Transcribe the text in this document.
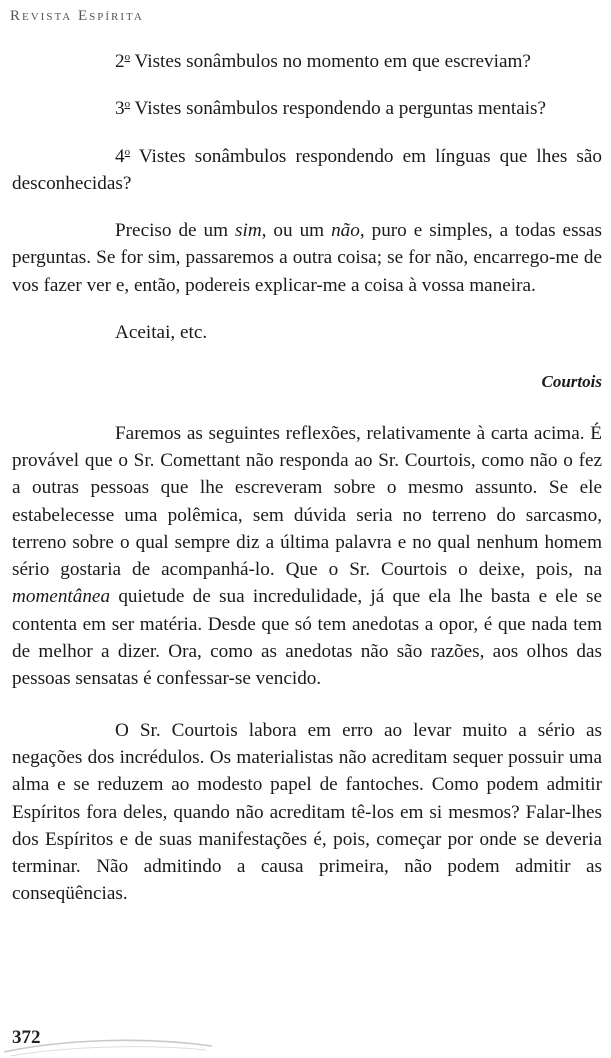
Revista Espírita

2$^o$ Vistes sonâmbulos no momento em que escreviam?

3$^o$ Vistes sonâmbulos respondendo a perguntas mentais?

4$^o$ Vistes sonâmbulos respondendo em línguas que lhes são desconhecidas?

Preciso de um sim, ou um não, puro e simples, a todas essas perguntas. Se for sim, passaremos a outra coisa; se for não, encarrego-me de vos fazer ver e, então, podereis explicar-me a coisa à vossa maneira.

Aceitai, etc.

Courtois

Faremos as seguintes reflexões, relativamente à carta acima. É provável que o Sr. Comettant não responda ao Sr. Courtois, como não o fez a outras pessoas que lhe escreveram sobre o mesmo assunto. Se ele estabelecesse uma polêmica, sem dúvida seria no terreno do sarcasmo, terreno sobre o qual sempre diz a última palavra e no qual nenhum homem sério gostaria de acompanhá-lo. Que o Sr. Courtois o deixe, pois, na momentânea quietude de sua incredulidade, já que ela lhe basta e ele se contenta em ser matéria. Desde que só tem anedotas a opor, é que nada tem de melhor a dizer. Ora, como as anedotas não são razões, aos olhos das pessoas sensatas é confessar-se vencido.

O Sr. Courtois labora em erro ao levar muito a sério as negações dos incrédulos. Os materialistas não acreditam sequer possuir uma alma e se reduzem ao modesto papel de fantoches. Como podem admitir Espíritos fora deles, quando não acreditam tê-los em si mesmos? Falar-lhes dos Espíritos e de suas manifestações é, pois, começar por onde se deveria terminar. Não admitindo a causa primeira, não podem admitir as conseqüências.

372
